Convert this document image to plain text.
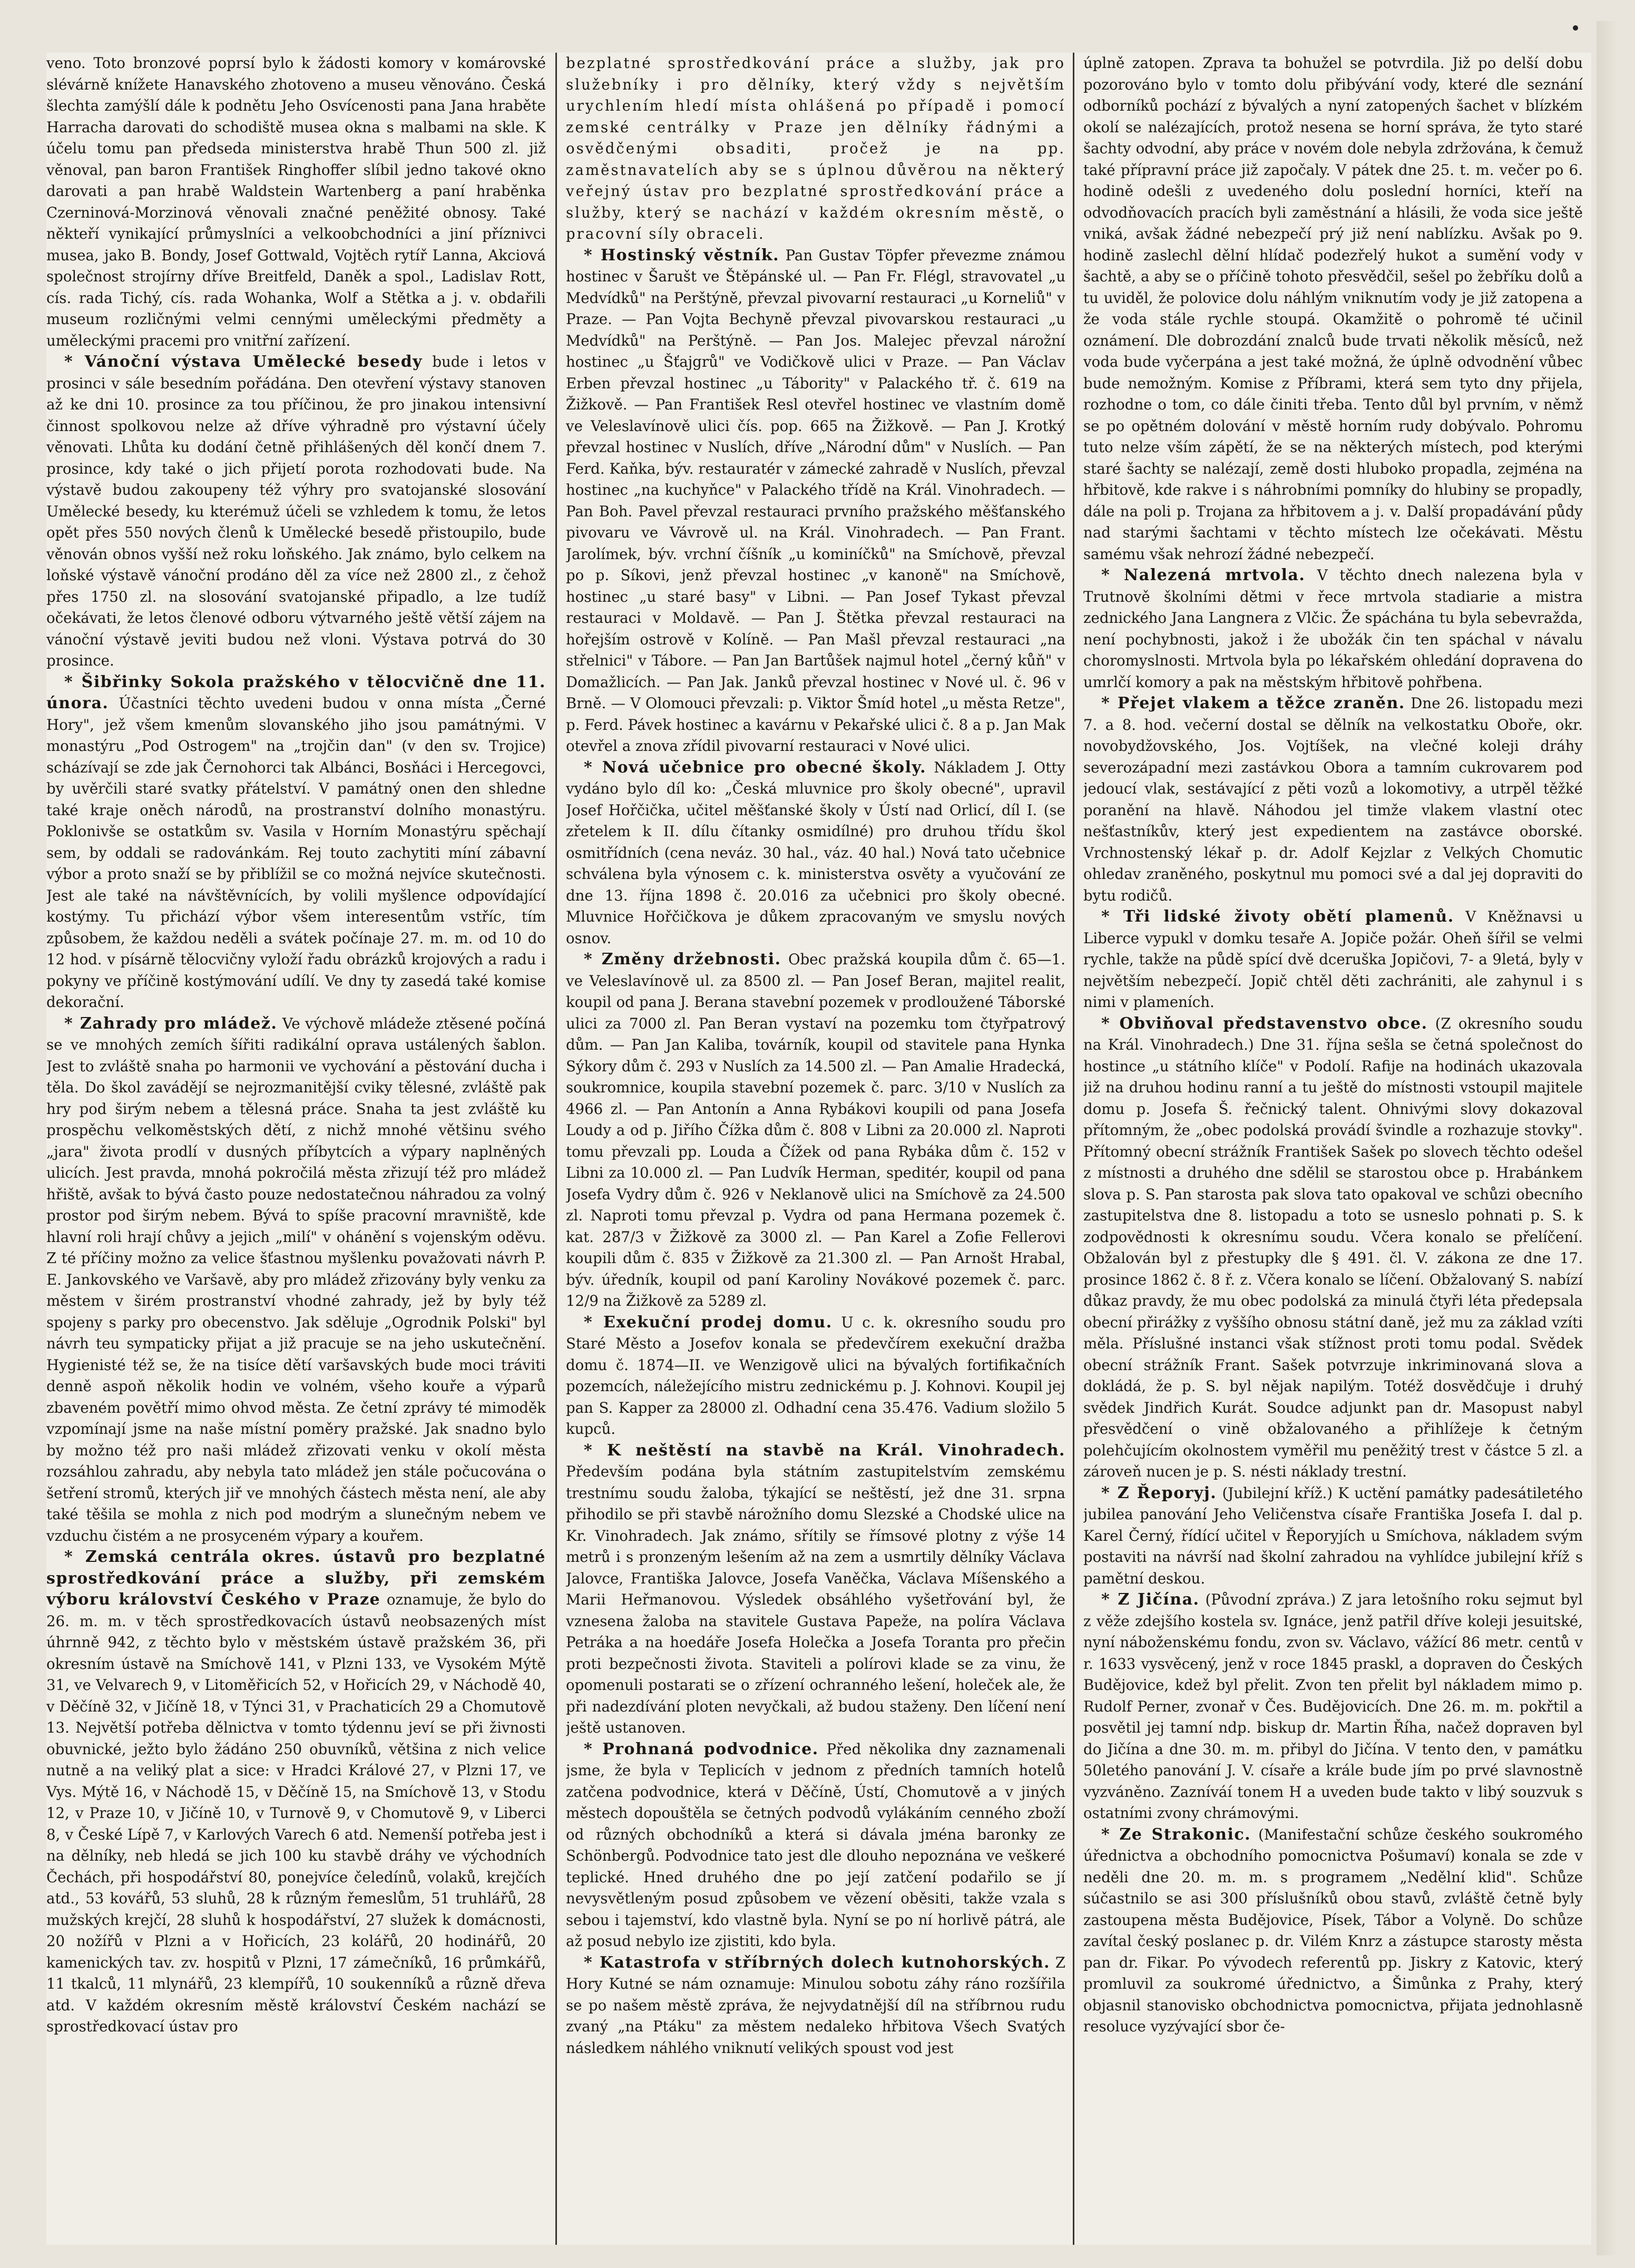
veno. Toto bronzové poprsí bylo k žádosti komory v komárovské slévárně knížete Hanavského zhotoveno a museu věnováno. Česká šlechta zamýšlí dále k podnětu Jeho Osvícenosti pana Jana hraběte Harracha darovati do schodiště musea okna s malbami na skle. K účelu tomu pan předseda ministerstva hrabě Thun 500 zl. již věnoval, pan baron František Ringhoffer slíbil jedno takové okno darovati a pan hrabě Waldstein Wartenberg a paní hraběnka Czerninová-Morzinová věnovali značné peněžité obnosy. Také někteří vynikající průmyslníci a velkoobchodníci a jiní příznivci musea, jako B. Bondy, Josef Gottwald, Vojtěch rytíř Lanna, Akciová společnost strojírny dříve Breitfeld, Daněk a spol., Ladislav Rott, cís. rada Tichý, cís. rada Wohanka, Wolf a Stětka a j. v. obdařili museum rozličnými velmi cennými uměleckými předměty a uměleckými pracemi pro vnitřní zařízení.

* Vánoční výstava Umělecké besedy bude i letos v prosinci v sále besedním pořádána. Den otevření výstavy stanoven až ke dni 10. prosince za tou příčinou, že pro jinakou intensivní činnost spolkovou nelze až dříve výhradně pro výstavní účely věnovati. Lhůta ku dodání četně přihlášených děl končí dnem 7. prosince, kdy také o jich přijetí porota rozhodovati bude. Na výstavě budou zakoupeny též výhry pro svatojanské slosování Umělecké besedy, ku kterémuž účeli se vzhledem k tomu, že letos opět přes 550 nových členů k Umělecké besedě přistoupilo, bude věnován obnos vyšší než roku loňského. Jak známo, bylo celkem na loňské výstavě vánoční prodáno děl za více než 2800 zl., z čehož přes 1750 zl. na slosování svatojanské připadlo, a lze tudíž očekávati, že letos členové odboru výtvarného ještě větší zájem na vánoční výstavě jeviti budou než vloni. Výstava potrvá do 30 prosince.

* Šibřinky Sokola pražského v tělocvičně dne 11. února. Účastníci těchto uvedeni budou v onna místa „Černé Hory", jež všem kmenům slovanského jiho jsou památnými. V monastýru „Pod Ostrogem" na „trojčin dan" (v den sv. Trojice) scházívají se zde jak Černohorci tak Albánci, Bosňáci i Hercegovci, by uvěrčili staré svatky přátelství. V památný onen den shledne také kraje oněch národů, na prostranství dolního monastýru. Poklonivše se ostatkům sv. Vasila v Horním Monastýru spěchají sem, by oddali se radovánkám. Rej touto zachytiti míní zábavní výbor a proto snaží se by přiblížil se co možná nejvíce skutečnosti. Jest ale také na návštěvnících, by volili myšlence odpovídající kostýmy. Tu přichází výbor všem interesentům vstříc, tím způsobem, že každou neděli a svátek počínaje 27. m. m. od 10 do 12 hod. v písárně tělocvičny vyloží řadu obrázků krojových a radu i pokyny ve příčině kostýmování udílí. Ve dny ty zasedá také komise dekorační.

* Zahrady pro mládež. Ve výchově mládeže ztěsené počíná se ve mnohých zemích šířiti radikální oprava ustálených šablon. Jest to zvláště snaha po harmonii ve vychování a pěstování ducha i těla. Do škol zavádějí se nejrozmanitější cviky tělesné, zvláště pak hry pod širým nebem a tělesná práce. Snaha ta jest zvláště ku prospěchu velkoměstských dětí, z nichž mnohé většinu svého „jara" života prodlí v dusných příbytcích a výpary naplněných ulicích. Jest pravda, mnohá pokročilá města zřizují též pro mládež hřiště, avšak to bývá často pouze nedostatečnou náhradou za volný prostor pod širým nebem. Bývá to spíše pracovní mravniště, kde hlavní roli hrají chůvy a jejich „milí" v ohánění s vojenským oděvu. Z té příčiny možno za velice šťastnou myšlenku považovati návrh P. E. Jankovského ve Varšavě, aby pro mládež zřizovány byly venku za městem v širém prostranství vhodné zahrady, jež by byly též spojeny s parky pro obecenstvo. Jak sděluje „Ogrodnik Polski" byl návrh teu sympaticky přijat a již pracuje se na jeho uskutečnění. Hygienisté též se, že na tisíce dětí varšavských bude moci tráviti denně aspoň několik hodin ve volném, všeho kouře a výparů zbaveném povětří mimo ohvod města. Ze četní zprávy té mimoděk vzpomínají jsme na naše místní poměry pražské. Jak snadno bylo by možno též pro naši mládež zřizovati venku v okolí města rozsáhlou zahradu, aby nebyla tato mládež jen stále počucována o šetření stromů, kterých jiř ve mnohých částech města není, ale aby také těšila se mohla z nich pod modrým a slunečným nebem ve vzduchu čistém a ne prosyceném výpary a kouřem.

* Zemská centrála okres. ústavů pro bezplatné sprostředkování práce a služby, při zemském výboru království Českého v Praze oznamuje, že bylo do 26. m. m. v těch sprostředkovacích ústavů neobsazených míst úhrnně 942, z těchto bylo v městském ústavě pražském 36, při okresním ústavě na Smíchově 141, v Plzni 133, ve Vysokém Mýtě 31, ve Velvarech 9, v Litoměřicích 52, v Hořicích 29, v Náchodě 40, v Děčíně 32, v Jičíně 18, v Týnci 31, v Prachaticích 29 a Chomutově 13. Největší potřeba dělnictva v tomto týdennu jeví se při živnosti obuvnické, ježto bylo žádáno 250 obuvníků, většina z nich velice nutně a na veliký plat a sice: v Hradci Králové 27, v Plzni 17, ve Vys. Mýtě 16, v Náchodě 15, v Děčíně 15, na Smíchově 13, v Stodu 12, v Praze 10, v Jičíně 10, v Turnově 9, v Chomutově 9, v Liberci 8, v České Lípě 7, v Karlových Varech 6 atd. Nemenší potřeba jest i na dělníky, neb hledá se jich 100 ku stavbě dráhy ve východních Čechách, při hospodářství 80, ponejvíce čeledínů, volaků, krejčích atd., 53 kovářů, 53 sluhů, 28 k různým řemeslům, 51 truhlářů, 28 mužských krejčí, 28 sluhů k hospodářství, 27 služek k domácnosti, 20 nožířů v Plzni a v Hořicích, 23 kolářů, 20 hodinářů, 20 kamenických tav. zv. hospitů v Plzni, 17 zámečníků, 16 průmkářů, 11 tkalců, 11 mlynářů, 23 klempířů, 10 soukenníků a různě dřeva atd. V každém okresním městě království Českém nachází se sprostředkovací ústav pro

bezplatné sprostředkování práce a služby, jak pro služebníky i pro dělníky, který vždy s největším urychlením hledí místa ohlášená po případě i pomocí zemské centrálky v Praze jen dělníky řádnými a osvědčenými obsaditi, pročež je na pp. zaměstnavatelích aby se s úplnou důvěrou na některý veřejný ústav pro bezplatné sprostředkování práce a služby, který se nachází v každém okresním městě, o pracovní síly obraceli.

* Hostinský věstník. Pan Gustav Töpfer převezme známou hostinec v Šarušt ve Štěpánské ul. — Pan Fr. Flégl, stravovatel „u Medvídků" na Perštýně, převzal pivovarní restauraci „u Korneliů" v Praze. — Pan Vojta Bechyně převzal pivovarskou restauraci „u Medvídků" na Perštýně. — Pan Jos. Malejec převzal nárožní hostinec „u Šťajgrů" ve Vodičkově ulici v Praze. — Pan Václav Erben převzal hostinec „u Tábority" v Palackého tř. č. 619 na Žižkově. — Pan František Resl otevřel hostinec ve vlastním domě ve Veleslavínově ulici čís. pop. 665 na Žižkově. — Pan J. Krotký převzal hostinec v Nuslích, dříve „Národní dům" v Nuslích. — Pan Ferd. Kaňka, býv. restauratér v zámecké zahradě v Nuslích, převzal hostinec „na kuchyňce" v Palackého třídě na Král. Vinohradech. — Pan Boh. Pavel převzal restauraci prvního pražského měšťanského pivovaru ve Vávrově ul. na Král. Vinohradech. — Pan Frant. Jarolímek, býv. vrchní číšník „u kominíčků" na Smíchově, převzal po p. Síkovi, jenž převzal hostinec „v kanoně" na Smíchově, hostinec „u staré basy" v Libni. — Pan Josef Tykast převzal restauraci v Moldavě. — Pan J. Štětka převzal restauraci na hořejším ostrově v Kolíně. — Pan Mašl převzal restauraci „na střelnici" v Tábore. — Pan Jan Bartůšek najmul hotel „černý kůň" v Domažlicích. — Pan Jak. Janků převzal hostinec v Nové ul. č. 96 v Brně. — V Olomouci převzali: p. Viktor Šmíd hotel „u města Retze", p. Ferd. Pávek hostinec a kavárnu v Pekařské ulici č. 8 a p. Jan Mak otevřel a znova zřídil pivovarní restauraci v Nové ulici.

* Nová učebnice pro obecné školy. Nákladem J. Otty vydáno bylo díl ko: „Česká mluvnice pro školy obecné", upravil Josef Hořčička, učitel měšťanské školy v Ústí nad Orlicí, díl I. (se zřetelem k II. dílu čítanky osmidílné) pro druhou třídu škol osmitřídních (cena neváz. 30 hal., váz. 40 hal.) Nová tato učebnice schválena byla výnosem c. k. ministerstva osvěty a vyučování ze dne 13. října 1898 č. 20.016 za učebnici pro školy obecné. Mluvnice Hořčičkova je důkem zpracovaným ve smyslu nových osnov.

* Změny držebnosti. Obec pražská koupila dům č. 65—1. ve Veleslavínově ul. za 8500 zl. — Pan Josef Beran, majitel realit, koupil od pana J. Berana stavební pozemek v prodloužené Táborské ulici za 7000 zl. Pan Beran vystaví na pozemku tom čtyřpatrový dům. — Pan Jan Kaliba, továrník, koupil od stavitele pana Hynka Sýkory dům č. 293 v Nuslích za 14.500 zl. — Pan Amalie Hradecká, soukromnice, koupila stavební pozemek č. parc. 3/10 v Nuslích za 4966 zl. — Pan Antonín a Anna Rybákovi koupili od pana Josefa Loudy a od p. Jiřího Čížka dům č. 808 v Libni za 20.000 zl. Naproti tomu převzali pp. Louda a Čížek od pana Rybáka dům č. 152 v Libni za 10.000 zl. — Pan Ludvík Herman, speditér, koupil od pana Josefa Vydry dům č. 926 v Neklanově ulici na Smíchově za 24.500 zl. Naproti tomu převzal p. Vydra od pana Hermana pozemek č. kat. 287/3 v Žižkově za 3000 zl. — Pan Karel a Zofie Fellerovi koupili dům č. 835 v Žižkově za 21.300 zl. — Pan Arnošt Hrabal, býv. úředník, koupil od paní Karoliny Novákové pozemek č. parc. 12/9 na Žižkově za 5289 zl.

* Exekuční prodej domu. U c. k. okresního soudu pro Staré Město a Josefov konala se předevčírem exekuční dražba domu č. 1874—II. ve Wenzigově ulici na bývalých fortifikačních pozemcích, náležejícího mistru zednickému p. J. Kohnovi. Koupil jej pan S. Kapper za 28000 zl. Odhadní cena 35.476. Vadium složilo 5 kupců.

* K neštěstí na stavbě na Král. Vinohradech. Především podána byla státním zastupitelstvím zemskému trestnímu soudu žaloba, týkající se neštěstí, jež dne 31. srpna přihodilo se při stavbě nárožního domu Slezské a Chodské ulice na Kr. Vinohradech. Jak známo, sřítily se římsové plotny z výše 14 metrů i s pronzeným lešením až na zem a usmrtily dělníky Václava Jalovce, Františka Jalovce, Josefa Vaněčka, Václava Míšenského a Marii Heřmanovou. Výsledek obsáhlého vyšetřování byl, že vznesena žaloba na stavitele Gustava Papeže, na políra Václava Petráka a na hoedáře Josefa Holečka a Josefa Toranta pro přečin proti bezpečnosti života. Staviteli a polírovi klade se za vinu, že opomenuli postarati se o zřízení ochranného lešení, holeček ale, že při nadezdívání ploten nevyčkali, až budou staženy. Den líčení není ještě ustanoven.

* Prohnaná podvodnice. Před několika dny zaznamenali jsme, že byla v Teplicích v jednom z předních tamních hotelů zatčena podvodnice, která v Děčíně, Ústí, Chomutově a v jiných městech dopouštěla se četných podvodů vylákáním cenného zboží od různých obchodníků a která si dávala jména baronky ze Schönbergů. Podvodnice tato jest dle dlouho nepoznána ve veškeré teplické. Hned druhého dne po její zatčení podařilo se jí nevysvětleným posud způsobem ve vězení oběsiti, takže vzala s sebou i tajemství, kdo vlastně byla. Nyní se po ní horlivě pátrá, ale až posud nebylo ize zjistiti, kdo byla.

* Katastrofa v stříbrných dolech kutnohorských. Z Hory Kutné se nám oznamuje: Minulou sobotu záhy ráno rozšířila se po našem městě zpráva, že nejvydatnější díl na stříbrnou rudu zvaný „na Ptáku" za městem nedaleko hřbitova Všech Svatých následkem náhlého vniknutí velikých spoust vod jest

úplně zatopen. Zprava ta bohužel se potvrdila. Již po delší dobu pozorováno bylo v tomto dolu přibývání vody, které dle seznání odborníků pochází z bývalých a nyní zatopených šachet v blízkém okolí se nalézajících, protož nesena se horní správa, že tyto staré šachty odvodní, aby práce v novém dole nebyla zdržována, k čemuž také přípravní práce již započaly. V pátek dne 25. t. m. večer po 6. hodině odešli z uvedeného dolu poslední horníci, kteří na odvodňovacích pracích byli zaměstnání a hlásili, že voda sice ještě vniká, avšak žádné nebezpečí prý již není nablízku. Avšak po 9. hodině zaslechl dělní hlídač podezřelý hukot a sumění vody v šachtě, a aby se o příčině tohoto přesvědčil, sešel po žebříku dolů a tu uviděl, že polovice dolu náhlým vniknutím vody je již zatopena a že voda stále rychle stoupá. Okamžitě o pohromě té učinil oznámení. Dle dobrozdání znalců bude trvati několik měsíců, než voda bude vyčerpána a jest také možná, že úplně odvodnění vůbec bude nemožným. Komise z Příbrami, která sem tyto dny přijela, rozhodne o tom, co dále činiti třeba. Tento důl byl prvním, v němž se po opětném dolování v městě horním rudy dobývalo. Pohromu tuto nelze vším zápětí, že se na některých místech, pod kterými staré šachty se nalézají, země dosti hluboko propadla, zejména na hřbitově, kde rakve i s náhrobními pomníky do hlubiny se propadly, dále na poli p. Trojana za hřbitovem a j. v. Další propadávání půdy nad starými šachtami v těchto místech lze očekávati. Městu samému však nehrozí žádné nebezpečí.

* Nalezená mrtvola. V těchto dnech nalezena byla v Trutnově školními dětmi v řece mrtvola stadiarie a mistra zednického Jana Langnera z Vlčic. Že spáchána tu byla sebevražda, není pochybnosti, jakož i že ubožák čin ten spáchal v návalu choromyslnosti. Mrtvola byla po lékařském ohledání dopravena do umrlčí komory a pak na městským hřbitově pohřbena.

* Přejet vlakem a těžce zraněn. Dne 26. listopadu mezi 7. a 8. hod. večerní dostal se dělník na velkostatku Oboře, okr. novobydžovského, Jos. Vojtíšek, na vlečné koleji dráhy severozápadní mezi zastávkou Obora a tamním cukrovarem pod jedoucí vlak, sestávající z pěti vozů a lokomotivy, a utrpěl těžké poranění na hlavě. Náhodou jel timže vlakem vlastní otec nešťastníkův, který jest expedientem na zastávce oborské. Vrchnostenský lékař p. dr. Adolf Kejzlar z Velkých Chomutic ohledav zraněného, poskytnul mu pomoci své a dal jej dopraviti do bytu rodičů.

* Tři lidské životy obětí plamenů. V Kněžnavsi u Liberce vypukl v domku tesaře A. Jopiče požár. Oheň šířil se velmi rychle, takže na půdě spící dvě dceruška Jopičovi, 7- a 9letá, byly v největším nebezpečí. Jopič chtěl děti zachrániti, ale zahynul i s nimi v plameních.

* Obviňoval představenstvo obce. (Z okresního soudu na Král. Vinohradech.) Dne 31. října sešla se četná společnost do hostince „u státního klíče" v Podolí. Rafije na hodinách ukazovala již na druhou hodinu ranní a tu ještě do místnosti vstoupil majitele domu p. Josefa Š. řečnický talent. Ohnivými slovy dokazoval přítomným, že „obec podolská provádí švindle a rozhazuje stovky". Přítomný obecní strážník František Sašek po slovech těchto odešel z místnosti a druhého dne sdělil se starostou obce p. Hrabánkem slova p. S. Pan starosta pak slova tato opakoval ve schůzi obecního zastupitelstva dne 8. listopadu a toto se usneslo pohnati p. S. k zodpovědnosti k okresnímu soudu. Včera konalo se přelíčení. Obžalován byl z přestupky dle § 491. čl. V. zákona ze dne 17. prosince 1862 č. 8 ř. z. Včera konalo se líčení. Obžalovaný S. nabízí důkaz pravdy, že mu obec podolská za minulá čtyři léta předepsala obecní přirážky z vyššího obnosu státní daně, jež mu za základ vzíti měla. Příslušné instanci však stížnost proti tomu podal. Svědek obecní strážník Frant. Sašek potvrzuje inkriminovaná slova a dokládá, že p. S. byl nějak napilým. Totéž dosvědčuje i druhý svědek Jindřich Kurát. Soudce adjunkt pan dr. Masopust nabyl přesvědčení o vině obžalovaného a přihlížeje k četným polehčujícím okolnostem vyměřil mu peněžitý trest v částce 5 zl. a zároveň nucen je p. S. nésti náklady trestní.

* Z Řeporyj. (Jubilejní kříž.) K uctění památky padesátiletého jubilea panování Jeho Veličenstva císaře Františka Josefa I. dal p. Karel Černý, řídící učitel v Řeporyjích u Smíchova, nákladem svým postaviti na návrší nad školní zahradou na vyhlídce jubilejní kříž s pamětní deskou.

* Z Jičína. (Původní zpráva.) Z jara letošního roku sejmut byl z věže zdejšího kostela sv. Ignáce, jenž patřil dříve koleji jesuitské, nyní náboženskému fondu, zvon sv. Václavo, vážící 86 metr. centů v r. 1633 vysvěcený, jenž v roce 1845 praskl, a dopraven do Českých Budějovice, kdež byl přelit. Zvon ten přelit byl nákladem mimo p. Rudolf Perner, zvonař v Čes. Budějovicích. Dne 26. m. m. pokřtil a posvětil jej tamní ndp. biskup dr. Martin Říha, načež dopraven byl do Jičína a dne 30. m. m. přibyl do Jičína. V tento den, v památku 50letého panování J. V. císaře a krále bude jím po prvé slavnostně vyzváněno. Zazníváí tonem H a uveden bude takto v libý souzvuk s ostatními zvony chrámovými.

* Ze Strakonic. (Manifestační schůze českého soukromého úřednictva a obchodního pomocnictva Pošumaví) konala se zde v neděli dne 20. m. m. s programem „Nedělní klid". Schůze súčastnilo se asi 300 příslušníků obou stavů, zvláště četně byly zastoupena města Budějovice, Písek, Tábor a Volyně. Do schůze zavítal český poslanec p. dr. Vilém Knrz a zástupce starosty města pan dr. Fikar. Po vývodech referentů pp. Jiskry z Katovic, který promluvil za soukromé úřednictvo, a Šimůnka z Prahy, který objasnil stanovisko obchodnictva pomocnictva, přijata jednohlasně resoluce vyzývající sbor če-
